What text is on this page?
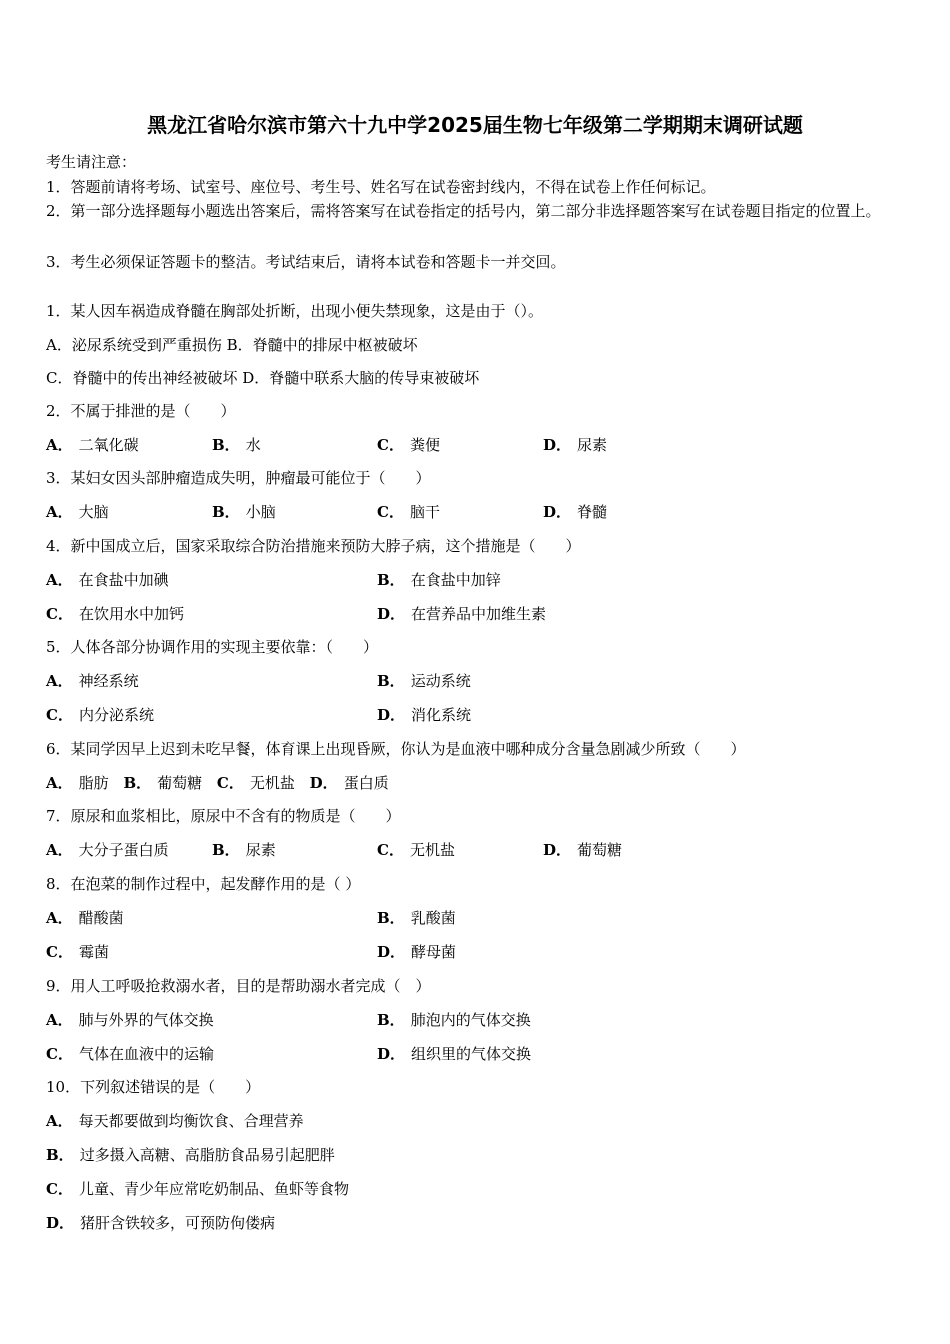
黑龙江省哈尔滨市第六十九中学2025届生物七年级第二学期期末调研试题
考生请注意：
1．答题前请将考场、试室号、座位号、考生号、姓名写在试卷密封线内，不得在试卷上作任何标记。
2．第一部分选择题每小题选出答案后，需将答案写在试卷指定的括号内，第二部分非选择题答案写在试卷题目指定的位置上。
3．考生必须保证答题卡的整洁。考试结束后，请将本试卷和答题卡一并交回。
1．某人因车祸造成脊髓在胸部处折断，出现小便失禁现象，这是由于（）。
A．泌尿系统受到严重损伤 B．脊髓中的排尿中枢被破坏
C．脊髓中的传出神经被破坏 D．脊髓中联系大脑的传导束被破坏
2．不属于排泄的是（　　）
A． 二氧化碳	B． 水	C． 粪便	D． 尿素
3．某妇女因头部肿瘤造成失明，肿瘤最可能位于（　　）
A． 大脑	B． 小脑	C． 脑干	D． 脊髓
4．新中国成立后，国家采取综合防治措施来预防大脖子病，这个措施是（　　）
A． 在食盐中加碘	B． 在食盐中加锌
C． 在饮用水中加钙	D． 在营养品中加维生素
5．人体各部分协调作用的实现主要依靠：（　　）
A． 神经系统	B． 运动系统
C． 内分泌系统	D． 消化系统
6．某同学因早上迟到未吃早餐，体育课上出现昏厥，你认为是血液中哪种成分含量急剧减少所致（　　）
A． 脂肪 B． 葡萄糖 C． 无机盐 D． 蛋白质
7．原尿和血浆相比，原尿中不含有的物质是（　　）
A． 大分子蛋白质	B． 尿素	C． 无机盐	D． 葡萄糖
8．在泡菜的制作过程中，起发酵作用的是（ ）
A． 醋酸菌	B． 乳酸菌
C． 霉菌	D． 酵母菌
9．用人工呼吸抢救溺水者，目的是帮助溺水者完成（　）
A． 肺与外界的气体交换	B． 肺泡内的气体交换
C． 气体在血液中的运输	D． 组织里的气体交换
10．下列叙述错误的是（　　）
A． 每天都要做到均衡饮食、合理营养
B． 过多摄入高糖、高脂肪食品易引起肥胖
C． 儿童、青少年应常吃奶制品、鱼虾等食物
D． 猪肝含铁较多，可预防佝偻病
